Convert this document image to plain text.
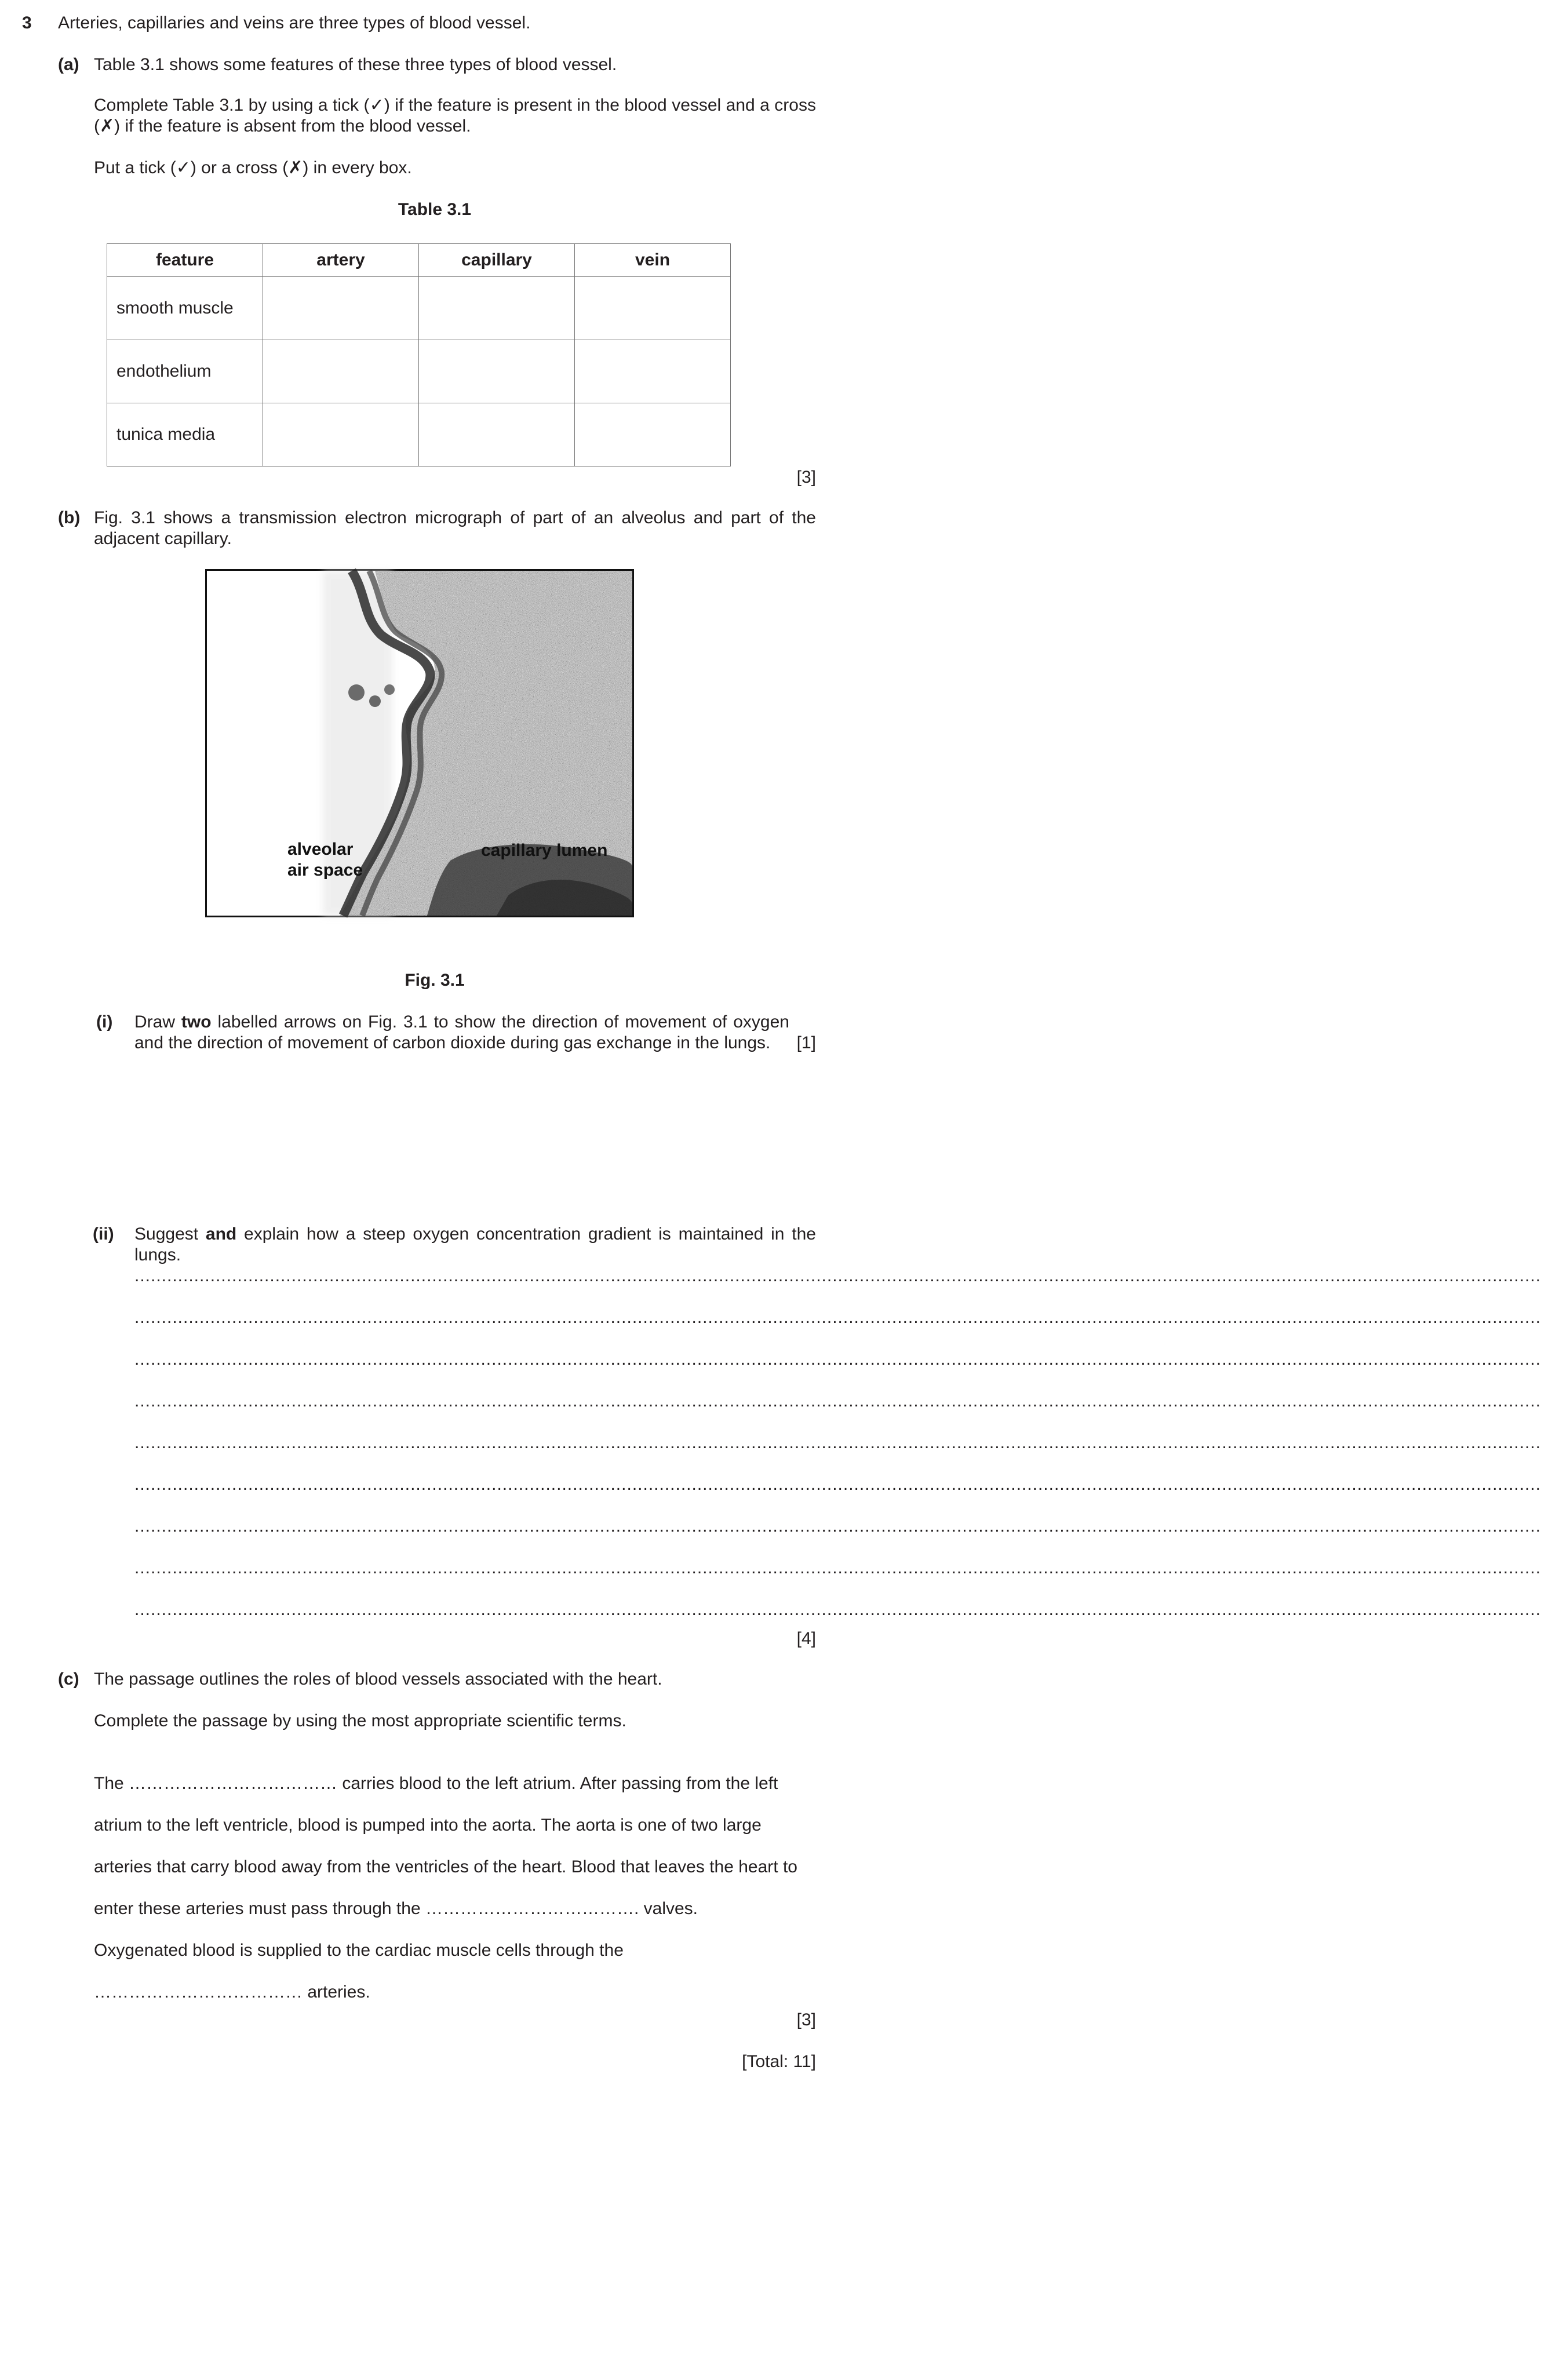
3 Arteries, capillaries and veins are three types of blood vessel.
(a) Table 3.1 shows some features of these three types of blood vessel.
Complete Table 3.1 by using a tick (✓) if the feature is present in the blood vessel and a cross (✗) if the feature is absent from the blood vessel.
Put a tick (✓) or a cross (✗) in every box.
Table 3.1
feature	artery	capillary	vein
smooth muscle			
endothelium			
tunica media			
[3]
(b) Fig. 3.1 shows a transmission electron micrograph of part of an alveolus and part of the adjacent capillary.
alveolar
air space
capillary lumen
Fig. 3.1
(i) Draw two labelled arrows on Fig. 3.1 to show the direction of movement of oxygen and the direction of movement of carbon dioxide during gas exchange in the lungs.	[1]
(ii) Suggest and explain how a steep oxygen concentration gradient is maintained in the lungs.
....................................................................................................................................................................................................................................................................
....................................................................................................................................................................................................................................................................
....................................................................................................................................................................................................................................................................
....................................................................................................................................................................................................................................................................
....................................................................................................................................................................................................................................................................
....................................................................................................................................................................................................................................................................
....................................................................................................................................................................................................................................................................
....................................................................................................................................................................................................................................................................
....................................................................................................................................................................................................................................................................
[4]
(c) The passage outlines the roles of blood vessels associated with the heart.
Complete the passage by using the most appropriate scientific terms.
The ……………………………… carries blood to the left atrium. After passing from the left
atrium to the left ventricle, blood is pumped into the aorta. The aorta is one of two large
arteries that carry blood away from the ventricles of the heart. Blood that leaves the heart to
enter these arteries must pass through the ………………………………. valves.
Oxygenated blood is supplied to the cardiac muscle cells through the
……………………………… arteries.
[3]
[Total: 11]
